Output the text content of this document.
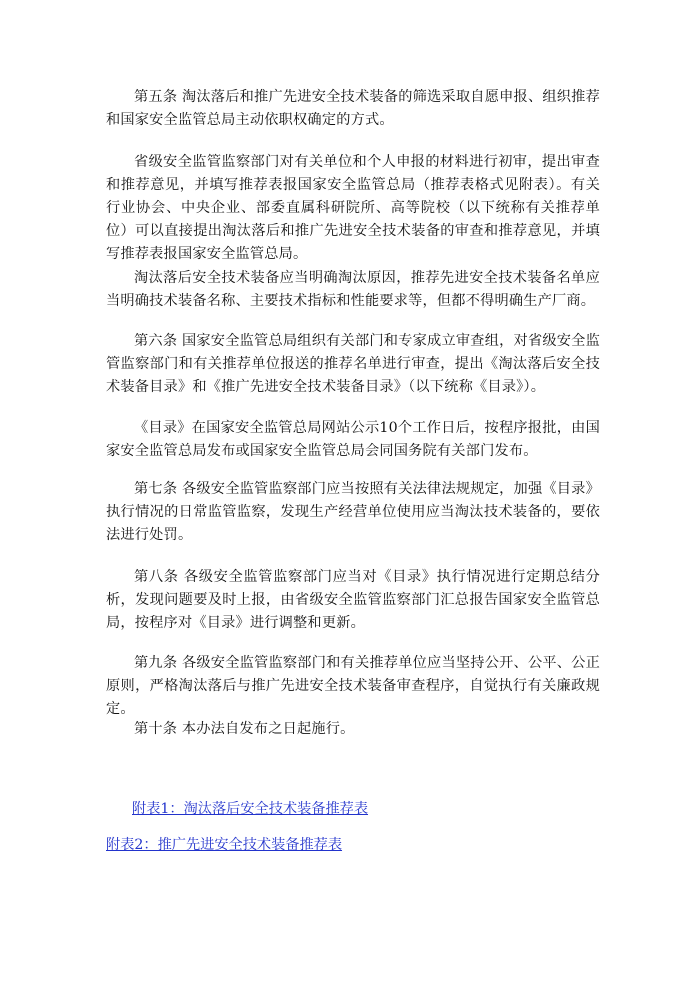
第五条 淘汰落后和推广先进安全技术装备的筛选采取自愿申报、组织推荐和国家安全监管总局主动依职权确定的方式。

省级安全监管监察部门对有关单位和个人申报的材料进行初审，提出审查和推荐意见，并填写推荐表报国家安全监管总局（推荐表格式见附表）。有关行业协会、中央企业、部委直属科研院所、高等院校（以下统称有关推荐单位）可以直接提出淘汰落后和推广先进安全技术装备的审查和推荐意见，并填写推荐表报国家安全监管总局。

淘汰落后安全技术装备应当明确淘汰原因，推荐先进安全技术装备名单应当明确技术装备名称、主要技术指标和性能要求等，但都不得明确生产厂商。

第六条 国家安全监管总局组织有关部门和专家成立审查组，对省级安全监管监察部门和有关推荐单位报送的推荐名单进行审查，提出《淘汰落后安全技术装备目录》和《推广先进安全技术装备目录》（以下统称《目录》）。

《目录》在国家安全监管总局网站公示10个工作日后，按程序报批，由国家安全监管总局发布或国家安全监管总局会同国务院有关部门发布。

第七条 各级安全监管监察部门应当按照有关法律法规规定，加强《目录》执行情况的日常监管监察，发现生产经营单位使用应当淘汰技术装备的，要依法进行处罚。

第八条 各级安全监管监察部门应当对《目录》执行情况进行定期总结分析，发现问题要及时上报，由省级安全监管监察部门汇总报告国家安全监管总局，按程序对《目录》进行调整和更新。

第九条 各级安全监管监察部门和有关推荐单位应当坚持公开、公平、公正原则，严格淘汰落后与推广先进安全技术装备审查程序，自觉执行有关廉政规定。

第十条 本办法自发布之日起施行。

附表1：淘汰落后安全技术装备推荐表
附表2：推广先进安全技术装备推荐表
